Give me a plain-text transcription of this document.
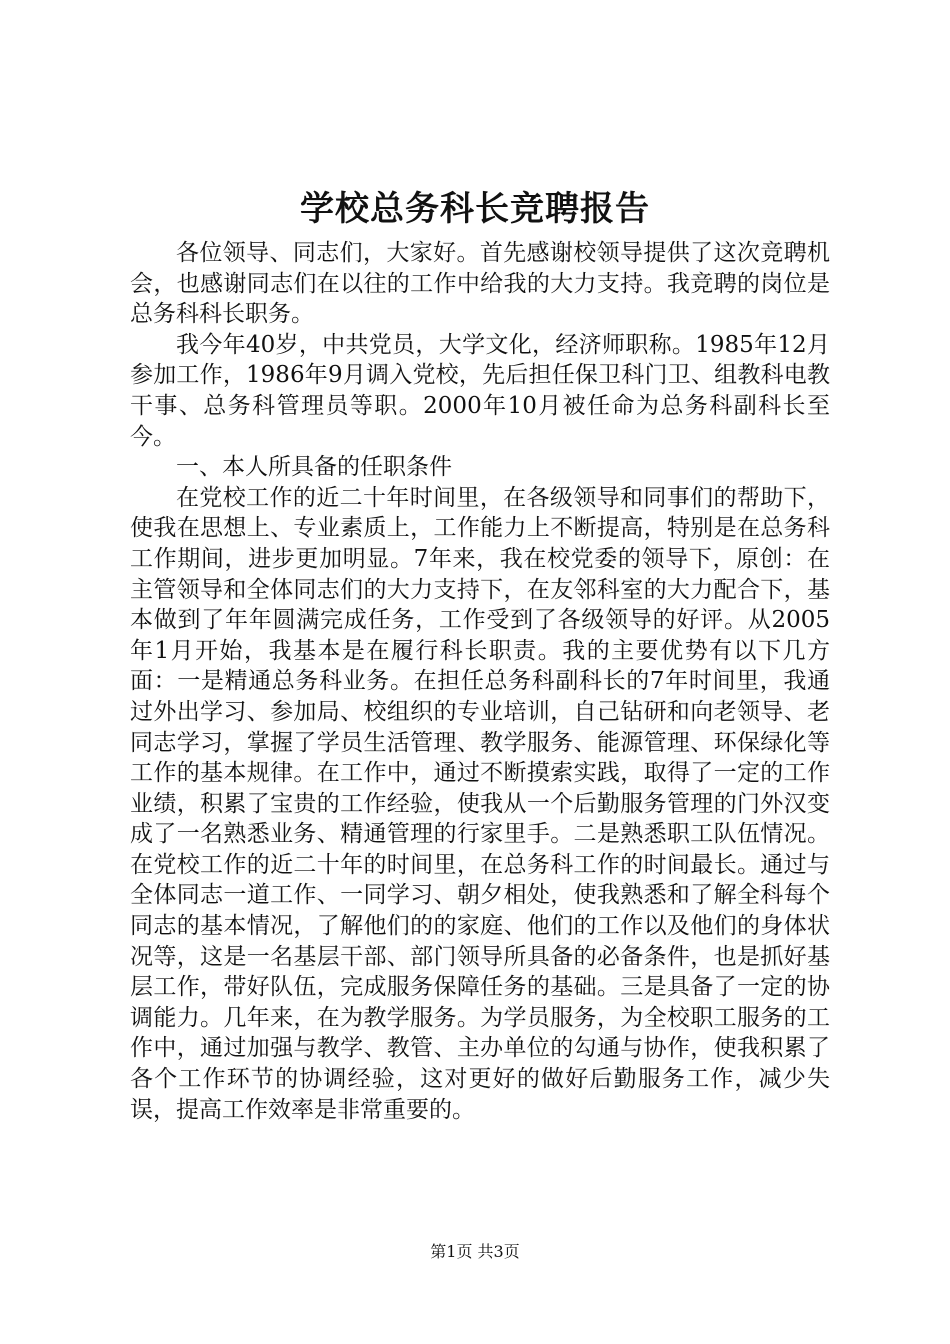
学校总务科长竞聘报告

各位领导、同志们，大家好。首先感谢校领导提供了这次竞聘机会，也感谢同志们在以往的工作中给我的大力支持。我竞聘的岗位是总务科科长职务。

我今年40岁，中共党员，大学文化，经济师职称。1985年12月参加工作，1986年9月调入党校，先后担任保卫科门卫、组教科电教干事、总务科管理员等职。2000年10月被任命为总务科副科长至今。

一、本人所具备的任职条件

在党校工作的近二十年时间里，在各级领导和同事们的帮助下，使我在思想上、专业素质上，工作能力上不断提高，特别是在总务科工作期间，进步更加明显。7年来，我在校党委的领导下，原创：在主管领导和全体同志们的大力支持下，在友邻科室的大力配合下，基本做到了年年圆满完成任务，工作受到了各级领导的好评。从2005年1月开始，我基本是在履行科长职责。我的主要优势有以下几方面：一是精通总务科业务。在担任总务科副科长的7年时间里，我通过外出学习、参加局、校组织的专业培训，自己钻研和向老领导、老同志学习，掌握了学员生活管理、教学服务、能源管理、环保绿化等工作的基本规律。在工作中，通过不断摸索实践，取得了一定的工作业绩，积累了宝贵的工作经验，使我从一个后勤服务管理的门外汉变成了一名熟悉业务、精通管理的行家里手。二是熟悉职工队伍情况。在党校工作的近二十年的时间里，在总务科工作的时间最长。通过与全体同志一道工作、一同学习、朝夕相处，使我熟悉和了解全科每个同志的基本情况，了解他们的的家庭、他们的工作以及他们的身体状况等，这是一名基层干部、部门领导所具备的必备条件，也是抓好基层工作，带好队伍，完成服务保障任务的基础。三是具备了一定的协调能力。几年来，在为教学服务。为学员服务，为全校职工服务的工作中，通过加强与教学、教管、主办单位的勾通与协作，使我积累了各个工作环节的协调经验，这对更好的做好后勤服务工作，减少失误，提高工作效率是非常重要的。

第1页 共3页
